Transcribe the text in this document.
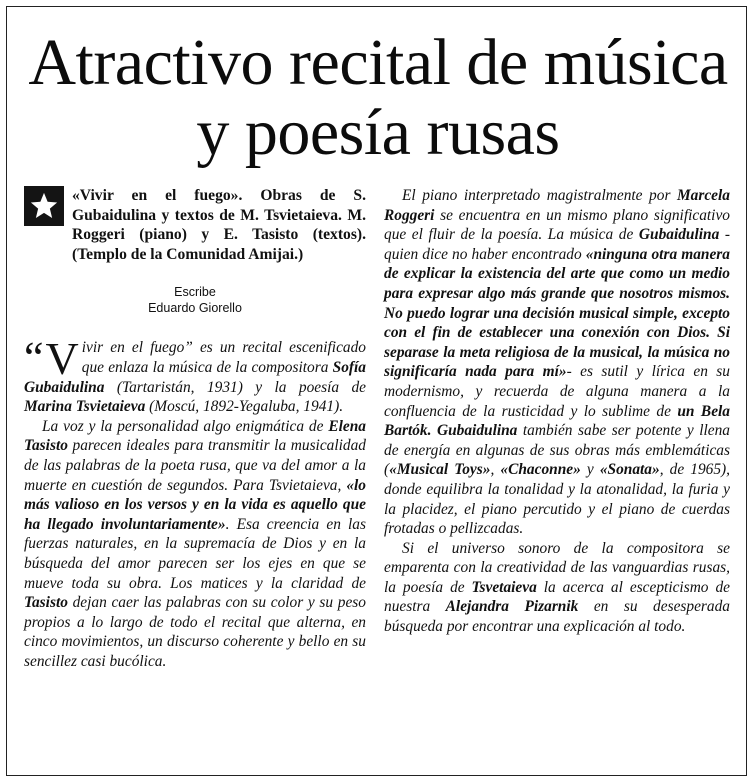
Atractivo recital de música y poesía rusas

«Vivir en el fuego». Obras de S. Gubaidulina y textos de M. Tsvietaieva. M. Roggeri (piano) y E. Tasisto (textos). (Templo de la Comunidad Amijai.)

Escribe
Eduardo Giorello

“ V ivir en el fuego” es un recital escenificado que enlaza la música de la compositora Sofía Gubaidulina (Tartaristán, 1931) y la poesía de Marina Tsvietaieva (Moscú, 1892-Yegaluba, 1941).

La voz y la personalidad algo enigmática de Elena Tasisto parecen ideales para transmitir la musicalidad de las palabras de la poeta rusa, que va del amor a la muerte en cuestión de segundos. Para Tsvietaieva, «lo más valioso en los versos y en la vida es aquello que ha llegado involuntariamente». Esa creencia en las fuerzas naturales, en la supremacía de Dios y en la búsqueda del amor parecen ser los ejes en que se mueve toda su obra. Los matices y la claridad de Tasisto dejan caer las palabras con su color y su peso propios a lo largo de todo el recital que alterna, en cinco movimientos, un discurso coherente y bello en su sencillez casi bucólica.

El piano interpretado magistralmente por Marcela Roggeri se encuentra en un mismo plano significativo que el fluir de la poesía. La música de Gubaidulina -quien dice no haber encontrado «ninguna otra manera de explicar la existencia del arte que como un medio para expresar algo más grande que nosotros mismos. No puedo lograr una decisión musical simple, excepto con el fin de establecer una conexión con Dios. Si separase la meta religiosa de la musical, la música no significaría nada para mí»- es sutil y lírica en su modernismo, y recuerda de alguna manera a la confluencia de la rusticidad y lo sublime de un Bela Bartók. Gubaidulina también sabe ser potente y llena de energía en algunas de sus obras más emblemáticas («Musical Toys», «Chaconne» y «Sonata», de 1965), donde equilibra la tonalidad y la atonalidad, la furia y la placidez, el piano percutido y el piano de cuerdas frotadas o pellizcadas.

Si el universo sonoro de la compositora se emparenta con la creatividad de las vanguardias rusas, la poesía de Tsvetaieva la acerca al escepticismo de nuestra Alejandra Pizarnik en su desesperada búsqueda por encontrar una explicación al todo.
